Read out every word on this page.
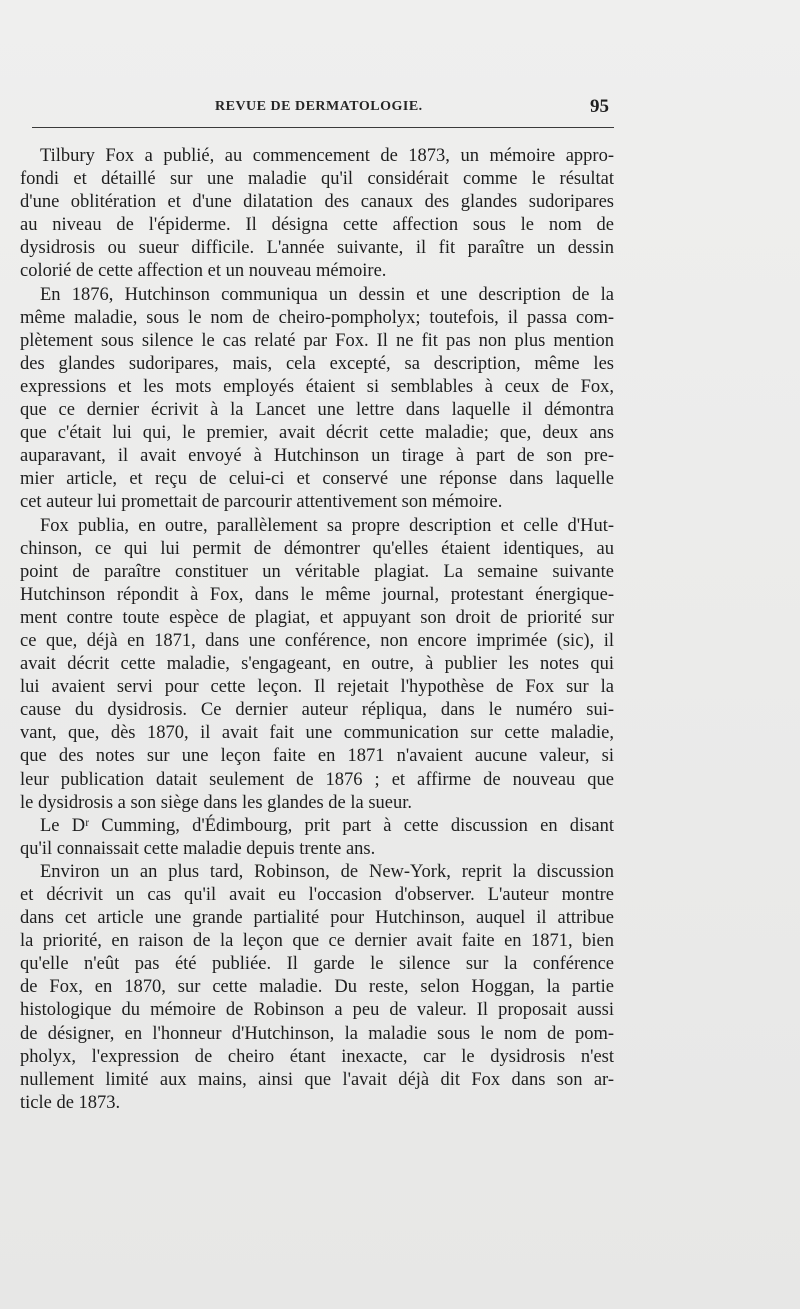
REVUE DE DERMATOLOGIE.	95
Tilbury Fox a publié, au commencement de 1873, un mémoire appro-
fondi et détaillé sur une maladie qu'il considérait comme le résultat
d'une oblitération et d'une dilatation des canaux des glandes sudoripares
au niveau de l'épiderme. Il désigna cette affection sous le nom de
dysidrosis ou sueur difficile. L'année suivante, il fit paraître un dessin
colorié de cette affection et un nouveau mémoire.
En 1876, Hutchinson communiqua un dessin et une description de la
même maladie, sous le nom de cheiro-pompholyx; toutefois, il passa com-
plètement sous silence le cas relaté par Fox. Il ne fit pas non plus mention
des glandes sudoripares, mais, cela excepté, sa description, même les
expressions et les mots employés étaient si semblables à ceux de Fox,
que ce dernier écrivit à la Lancet une lettre dans laquelle il démontra
que c'était lui qui, le premier, avait décrit cette maladie; que, deux ans
auparavant, il avait envoyé à Hutchinson un tirage à part de son pre-
mier article, et reçu de celui-ci et conservé une réponse dans laquelle
cet auteur lui promettait de parcourir attentivement son mémoire.
Fox publia, en outre, parallèlement sa propre description et celle d'Hut-
chinson, ce qui lui permit de démontrer qu'elles étaient identiques, au
point de paraître constituer un véritable plagiat. La semaine suivante
Hutchinson répondit à Fox, dans le même journal, protestant énergique-
ment contre toute espèce de plagiat, et appuyant son droit de priorité sur
ce que, déjà en 1871, dans une conférence, non encore imprimée (sic), il
avait décrit cette maladie, s'engageant, en outre, à publier les notes qui
lui avaient servi pour cette leçon. Il rejetait l'hypothèse de Fox sur la
cause du dysidrosis. Ce dernier auteur répliqua, dans le numéro sui-
vant, que, dès 1870, il avait fait une communication sur cette maladie,
que des notes sur une leçon faite en 1871 n'avaient aucune valeur, si
leur publication datait seulement de 1876 ; et affirme de nouveau que
le dysidrosis a son siège dans les glandes de la sueur.
Le Dʳ Cumming, d'Édimbourg, prit part à cette discussion en disant
qu'il connaissait cette maladie depuis trente ans.
Environ un an plus tard, Robinson, de New-York, reprit la discussion
et décrivit un cas qu'il avait eu l'occasion d'observer. L'auteur montre
dans cet article une grande partialité pour Hutchinson, auquel il attribue
la priorité, en raison de la leçon que ce dernier avait faite en 1871, bien
qu'elle n'eût pas été publiée. Il garde le silence sur la conférence
de Fox, en 1870, sur cette maladie. Du reste, selon Hoggan, la partie
histologique du mémoire de Robinson a peu de valeur. Il proposait aussi
de désigner, en l'honneur d'Hutchinson, la maladie sous le nom de pom-
pholyx, l'expression de cheiro étant inexacte, car le dysidrosis n'est
nullement limité aux mains, ainsi que l'avait déjà dit Fox dans son ar-
ticle de 1873.
